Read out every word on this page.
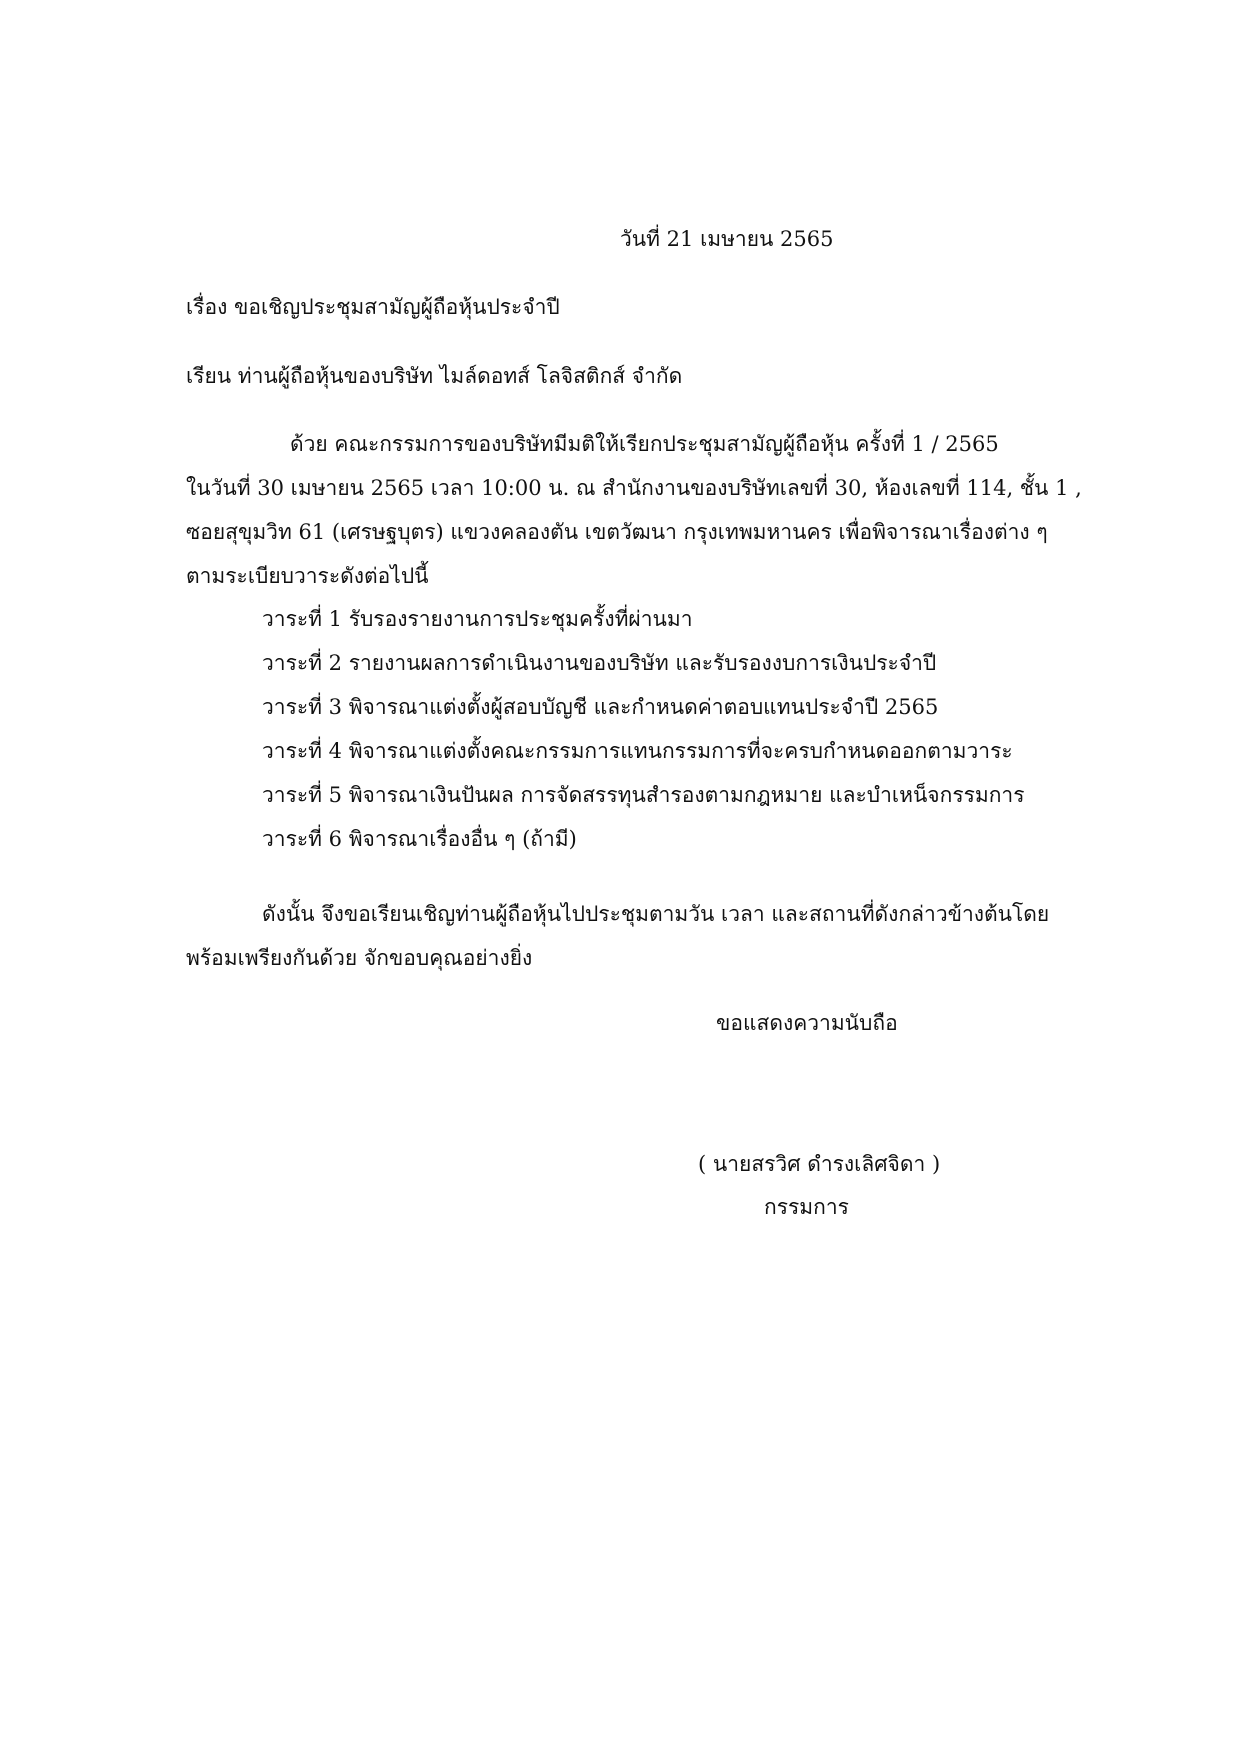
วันที่ 21 เมษายน 2565
เรื่อง ขอเชิญประชุมสามัญผู้ถือหุ้นประจำปี
เรียน ท่านผู้ถือหุ้นของบริษัท ไมล์ดอทส์ โลจิสติกส์ จำกัด
ด้วย คณะกรรมการของบริษัทมีมติให้เรียกประชุมสามัญผู้ถือหุ้น ครั้งที่ 1 / 2565
ในวันที่ 30 เมษายน 2565 เวลา 10:00 น. ณ สำนักงานของบริษัทเลขที่ 30, ห้องเลขที่ 114, ชั้น 1 ,
ซอยสุขุมวิท 61 (เศรษฐบุตร) แขวงคลองตัน เขตวัฒนา กรุงเทพมหานคร เพื่อพิจารณาเรื่องต่าง ๆ
ตามระเบียบวาระดังต่อไปนี้
วาระที่ 1 รับรองรายงานการประชุมครั้งที่ผ่านมา
วาระที่ 2 รายงานผลการดำเนินงานของบริษัท และรับรองงบการเงินประจำปี
วาระที่ 3 พิจารณาแต่งตั้งผู้สอบบัญชี และกำหนดค่าตอบแทนประจำปี 2565
วาระที่ 4 พิจารณาแต่งตั้งคณะกรรมการแทนกรรมการที่จะครบกำหนดออกตามวาระ
วาระที่ 5 พิจารณาเงินปันผล การจัดสรรทุนสำรองตามกฎหมาย และบำเหน็จกรรมการ
วาระที่ 6 พิจารณาเรื่องอื่น ๆ (ถ้ามี)
ดังนั้น จึงขอเรียนเชิญท่านผู้ถือหุ้นไปประชุมตามวัน เวลา และสถานที่ดังกล่าวข้างต้นโดย
พร้อมเพรียงกันด้วย จักขอบคุณอย่างยิ่ง
ขอแสดงความนับถือ
( นายสรวิศ ดำรงเลิศจิดา )
กรรมการ
